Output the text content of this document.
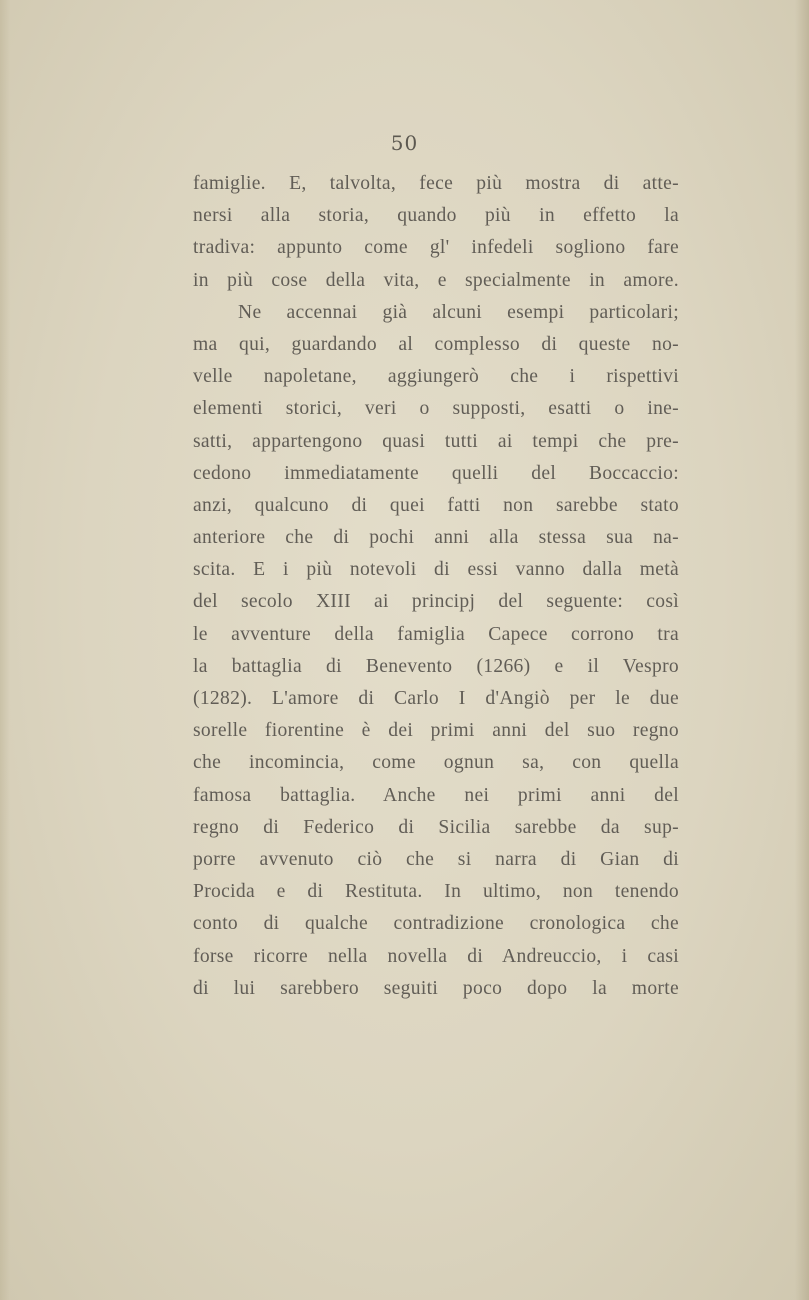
50
famiglie. E, talvolta, fece più mostra di atte-
nersi alla storia, quando più in effetto la
tradiva: appunto come gl' infedeli sogliono fare
in più cose della vita, e specialmente in amore.
Ne accennai già alcuni esempi particolari;
ma qui, guardando al complesso di queste no-
velle napoletane, aggiungerò che i rispettivi
elementi storici, veri o supposti, esatti o ine-
satti, appartengono quasi tutti ai tempi che pre-
cedono immediatamente quelli del Boccaccio:
anzi, qualcuno di quei fatti non sarebbe stato
anteriore che di pochi anni alla stessa sua na-
scita. E i più notevoli di essi vanno dalla metà
del secolo XIII ai principj del seguente: così
le avventure della famiglia Capece corrono tra
la battaglia di Benevento (1266) e il Vespro
(1282). L'amore di Carlo I d'Angiò per le due
sorelle fiorentine è dei primi anni del suo regno
che incomincia, come ognun sa, con quella
famosa battaglia. Anche nei primi anni del
regno di Federico di Sicilia sarebbe da sup-
porre avvenuto ciò che si narra di Gian di
Procida e di Restituta. In ultimo, non tenendo
conto di qualche contradizione cronologica che
forse ricorre nella novella di Andreuccio, i casi
di lui sarebbero seguiti poco dopo la morte
